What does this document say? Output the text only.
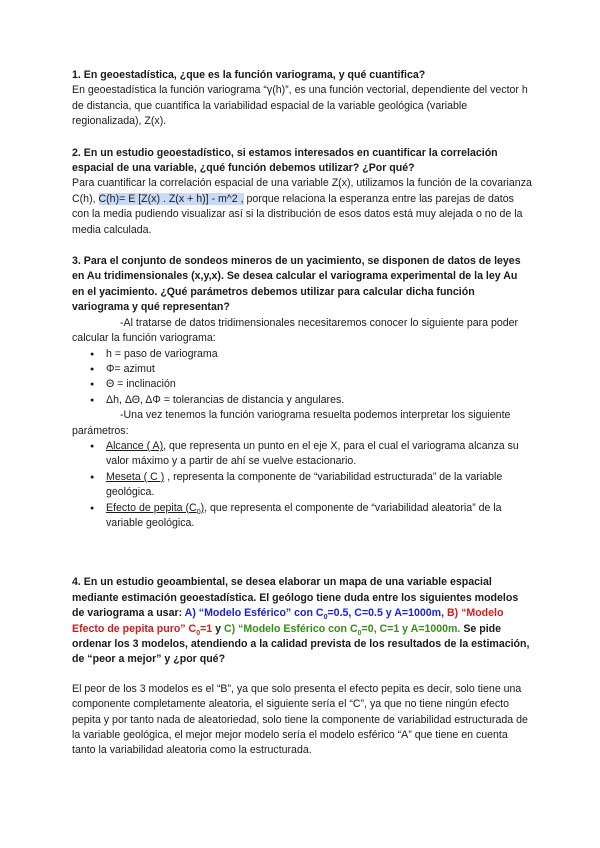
1. En geoestadística, ¿que es la función variograma, y qué cuantifica?

En geoestadística la función variograma “γ(h)”, es una función vectorial, dependiente del vector h de distancia, que cuantifica la variabilidad espacial de la variable geológica (variable regionalizada), Z(x).

2. En un estudio geoestadístico, si estamos interesados en cuantificar la correlación espacial de una variable, ¿qué función debemos utilizar? ¿Por qué?

Para cuantificar la correlación espacial de una variable Z(x), utilizamos la función de la covarianza C(h), C(h)= E [Z(x) . Z(x + h)] - m^2 , porque relaciona la esperanza entre las parejas de datos con la media pudiendo visualizar así si la distribución de esos datos está muy alejada o no de la media calculada.

3. Para el conjunto de sondeos mineros de un yacimiento, se disponen de datos de leyes en Au tridimensionales (x,y,x). Se desea calcular el variograma experimental de la ley Au en el yacimiento. ¿Qué parámetros debemos utilizar para calcular dicha función variograma y qué representan?

-Al tratarse de datos tridimensionales necesitaremos conocer lo siguiente para poder calcular la función variograma:

● h = paso de variograma
● Φ= azimut
● Θ = inclinación
● Δh, ΔΘ, ΔΦ = tolerancias de distancia y angulares.

-Una vez tenemos la función variograma resuelta podemos interpretar los siguiente parámetros:

● Alcance ( A), que representa un punto en el eje X, para el cual el variograma alcanza su valor máximo y a partir de ahí se vuelve estacionario.
● Meseta ( C ) , representa la componente de “variabilidad estructurada” de la variable geológica.
● Efecto de pepita $(C_0)$, que representa el componente de “variabilidad aleatoria” de la variable geológica.

4. En un estudio geoambiental, se desea elaborar un mapa de una variable espacial mediante estimación geoestadística. El geólogo tiene duda entre los siguientes modelos de variograma a usar: A) “Modelo Esférico” con $C_0=0.5$, C=0.5 y A=1000m, B) “Modelo Efecto de pepita puro” $C_0=1$ y C) “Modelo Esférico con $C_0=0$, C=1 y A=1000m. Se pide ordenar los 3 modelos, atendiendo a la calidad prevista de los resultados de la estimación, de “peor a mejor” y ¿por qué?

El peor de los 3 modelos es el “B”, ya que solo presenta el efecto pepita es decir, solo tiene una componente completamente aleatoria, el siguiente sería el “C”, ya que no tiene ningún efecto pepita y por tanto nada de aleatoriedad, solo tiene la componente de variabilidad estructurada de la variable geológica, el mejor mejor modelo sería el modelo esférico “A” que tiene en cuenta tanto la variabilidad aleatoria como la estructurada.
